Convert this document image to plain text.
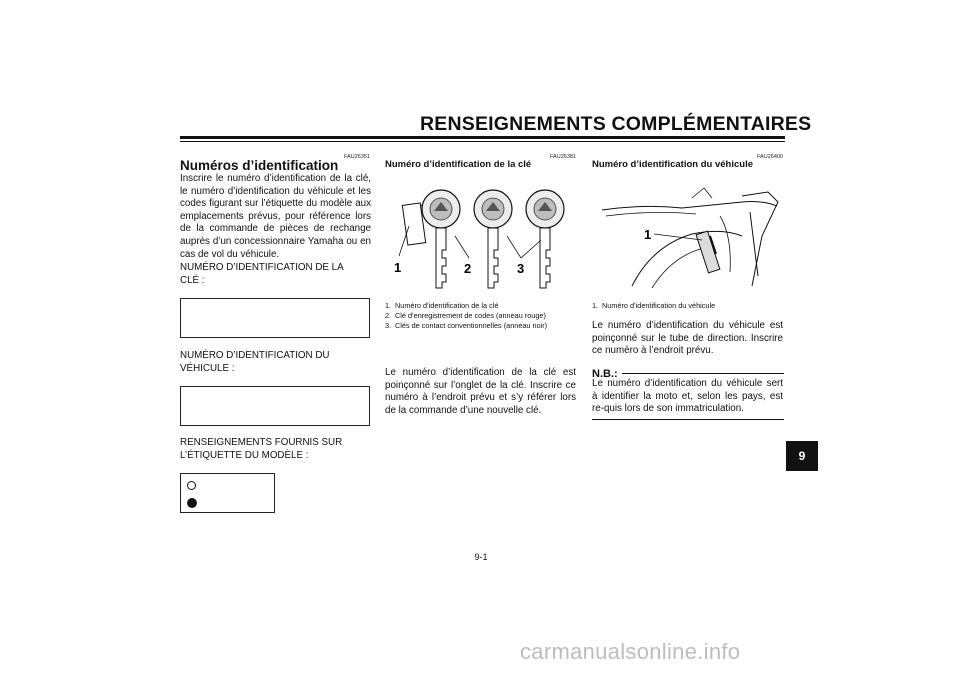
RENSEIGNEMENTS COMPLÉMENTAIRES
FAU26351
Numéros d’identification
Inscrire le numéro d’identification de la clé, le numéro d’identification du véhicule et les codes figurant sur l’étiquette du modèle aux emplacements prévus, pour référence lors de la commande de pièces de rechange auprès d’un concessionnaire Yamaha ou en cas de vol du véhicule.
NUMÉRO D’IDENTIFICATION DE LA
CLÉ :
NUMÉRO D’IDENTIFICATION DU
VÉHICULE :
RENSEIGNEMENTS FOURNIS SUR
L’ÉTIQUETTE DU MODÈLE :
FAU26381
Numéro d’identification de la clé
1	2	3
1. Numéro d’identification de la clé
2. Clé d’enregistrement de codes (anneau rouge)
3. Clés de contact conventionnelles (anneau noir)
Le numéro d’identification de la clé est poinçonné sur l’onglet de la clé. Inscrire ce numéro à l’endroit prévu et s’y référer lors de la commande d’une nouvelle clé.
FAU26400
Numéro d’identification du véhicule
1
1. Numéro d’identification du véhicule
Le numéro d’identification du véhicule est poinçonné sur le tube de direction. Inscrire ce numéro à l’endroit prévu.
N.B.:
Le numéro d’identification du véhicule sert à identifier la moto et, selon les pays, est re-quis lors de son immatriculation.
9
9-1
carmanualsonline.info
